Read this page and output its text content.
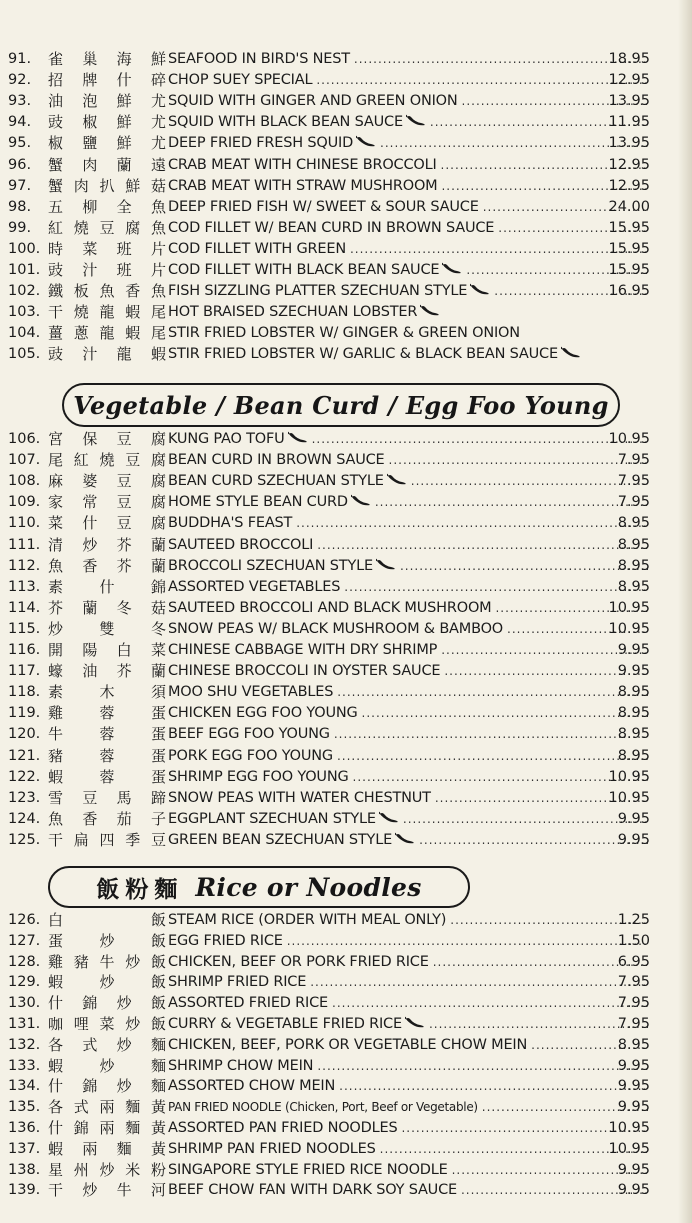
91.	雀 巢 海 鮮 SEAFOOD IN BIRD'S NEST .....	18.95
92.	招 牌 什 碎 CHOP SUEY SPECIAL .....	12.95
93.	油 泡 鮮 尤 SQUID WITH GINGER AND GREEN ONION .....	13.95
94.	豉 椒 鮮 尤 SQUID WITH BLACK BEAN SAUCE .....	11.95
95.	椒 鹽 鮮 尤 DEEP FRIED FRESH SQUID .....	13.95
96.	蟹 肉 蘭 遠 CRAB MEAT WITH CHINESE BROCCOLI .....	12.95
97.	蟹 肉 扒 鮮 菇 CRAB MEAT WITH STRAW MUSHROOM .....	12.95
98.	五 柳 全 魚 DEEP FRIED FISH W/ SWEET & SOUR SAUCE .....	24.00
99.	紅 燒 豆 腐 魚 COD FILLET W/ BEAN CURD IN BROWN SAUCE .....	15.95
100. 時 菜 班 片 COD FILLET WITH GREEN .....	15.95
101. 豉 汁 班 片 COD FILLET WITH BLACK BEAN SAUCE .....	15.95
102. 鐵 板 魚 香 魚 FISH SIZZLING PLATTER SZECHUAN STYLE .....	16.95
103. 干 燒 龍 蝦 尾 HOT BRAISED SZECHUAN LOBSTER
104. 薑 蔥 龍 蝦 尾 STIR FRIED LOBSTER W/ GINGER & GREEN ONION
105. 豉 汁 龍 蝦 STIR FRIED LOBSTER W/ GARLIC & BLACK BEAN SAUCE
Vegetable / Bean Curd / Egg Foo Young
106. 宮 保 豆 腐 KUNG PAO TOFU .....	10.95
107. 尾 紅 燒 豆 腐 BEAN CURD IN BROWN SAUCE .....	7.95
108. 麻 婆 豆 腐 BEAN CURD SZECHUAN STYLE .....	7.95
109. 家 常 豆 腐 HOME STYLE BEAN CURD .....	7.95
110. 菜 什 豆 腐 BUDDHA'S FEAST .....	8.95
111. 清 炒 芥 蘭 SAUTEED BROCCOLI .....	8.95
112. 魚 香 芥 蘭 BROCCOLI SZECHUAN STYLE .....	8.95
113. 素 什 錦 ASSORTED VEGETABLES .....	8.95
114. 芥 蘭 冬 菇 SAUTEED BROCCOLI AND BLACK MUSHROOM .....	10.95
115. 炒 雙 冬 SNOW PEAS W/ BLACK MUSHROOM & BAMBOO .....	10.95
116. 開 陽 白 菜 CHINESE CABBAGE WITH DRY SHRIMP .....	9.95
117. 蠔 油 芥 蘭 CHINESE BROCCOLI IN OYSTER SAUCE .....	9.95
118. 素 木 須 MOO SHU VEGETABLES .....	8.95
119. 雞 蓉 蛋 CHICKEN EGG FOO YOUNG .....	8.95
120. 牛 蓉 蛋 BEEF EGG FOO YOUNG .....	8.95
121. 豬 蓉 蛋 PORK EGG FOO YOUNG .....	8.95
122. 蝦 蓉 蛋 SHRIMP EGG FOO YOUNG .....	10.95
123. 雪 豆 馬 蹄 SNOW PEAS WITH WATER CHESTNUT .....	10.95
124. 魚 香 茄 子 EGGPLANT SZECHUAN STYLE .....	9.95
125. 干 扁 四 季 豆 GREEN BEAN SZECHUAN STYLE .....	9.95
飯粉麵 Rice or Noodles
126. 白	飯 STEAM RICE (ORDER WITH MEAL ONLY) .....	1.25
127. 蛋 炒 飯 EGG FRIED RICE .....	1.50
128. 雞 豬 牛 炒 飯 CHICKEN, BEEF OR PORK FRIED RICE .....	6.95
129. 蝦 炒 飯 SHRIMP FRIED RICE .....	7.95
130. 什 錦 炒 飯 ASSORTED FRIED RICE .....	7.95
131. 咖 哩 菜 炒 飯 CURRY & VEGETABLE FRIED RICE .....	7.95
132. 各 式 炒 麵 CHICKEN, BEEF, PORK OR VEGETABLE CHOW MEIN .....	8.95
133. 蝦 炒 麵 SHRIMP CHOW MEIN .....	9.95
134. 什 錦 炒 麵 ASSORTED CHOW MEIN .....	9.95
135. 各 式 兩 麵 黃 PAN FRIED NOODLE (Chicken, Port, Beef or Vegetable) .....	9.95
136. 什 錦 兩 麵 黃 ASSORTED PAN FRIED NOODLES .....	10.95
137. 蝦 兩 麵 黃 SHRIMP PAN FRIED NOODLES .....	10.95
138. 星 州 炒 米 粉 SINGAPORE STYLE FRIED RICE NOODLE .....	9.95
139. 干 炒 牛 河 BEEF CHOW FAN WITH DARK SOY SAUCE .....	9.95
